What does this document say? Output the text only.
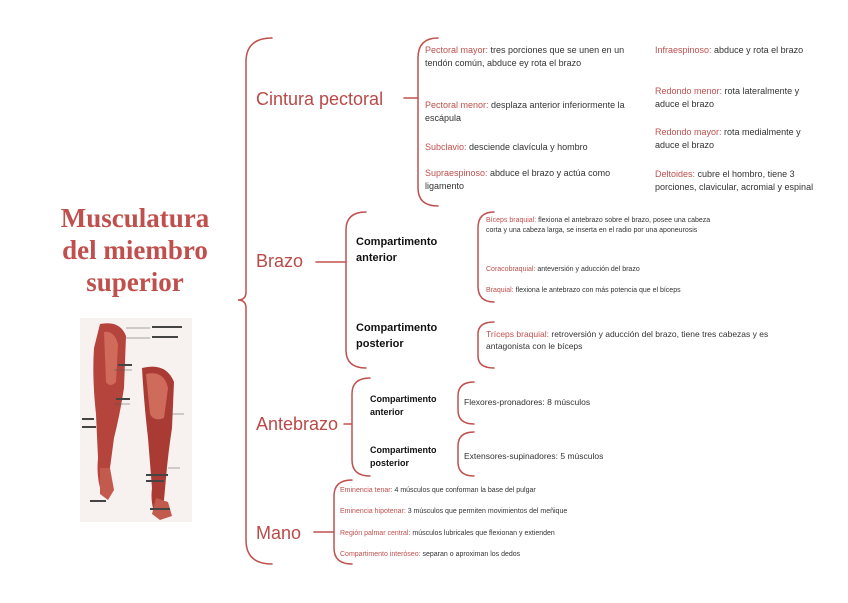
Musculatura
del miembro
superior
Cintura pectoral
Brazo
Antebrazo
Mano
Pectoral mayor: tres porciones que se unen en un tendón común, abduce ey rota el brazo
Pectoral menor: desplaza anterior inferiormente la escápula
Subclavio: desciende clavícula y hombro
Supraespinoso: abduce el brazo y actúa como ligamento
Infraespinoso: abduce y rota el brazo
Redondo menor: rota lateralmente y aduce el brazo
Redondo mayor: rota medialmente y aduce el brazo
Deltoides: cubre el hombro, tiene 3 porciones, clavicular, acromial y espinal
Compartimento anterior
Compartimento posterior
Bíceps braquial: flexiona el antebrazo sobre el brazo, posee una cabeza corta y una cabeza larga, se inserta en el radio por una aponeurosis
Coracobraquial: anteversión y aducción del brazo
Braquial: flexiona le antebrazo con más potencia que el bíceps
Tríceps braquial: retroversión y aducción del brazo, tiene tres cabezas y es antagonista con le bíceps
Compartimento anterior
Compartimento posterior
Flexores-pronadores: 8 músculos
Extensores-supinadores: 5 músculos
Eminencia tenar: 4 músculos que conforman la base del pulgar
Eminencia hipotenar: 3 músculos que permiten movimientos del meñique
Región palmar central: músculos lubricales que flexionan y extienden
Compartimento interóseo: separan o aproximan los dedos
